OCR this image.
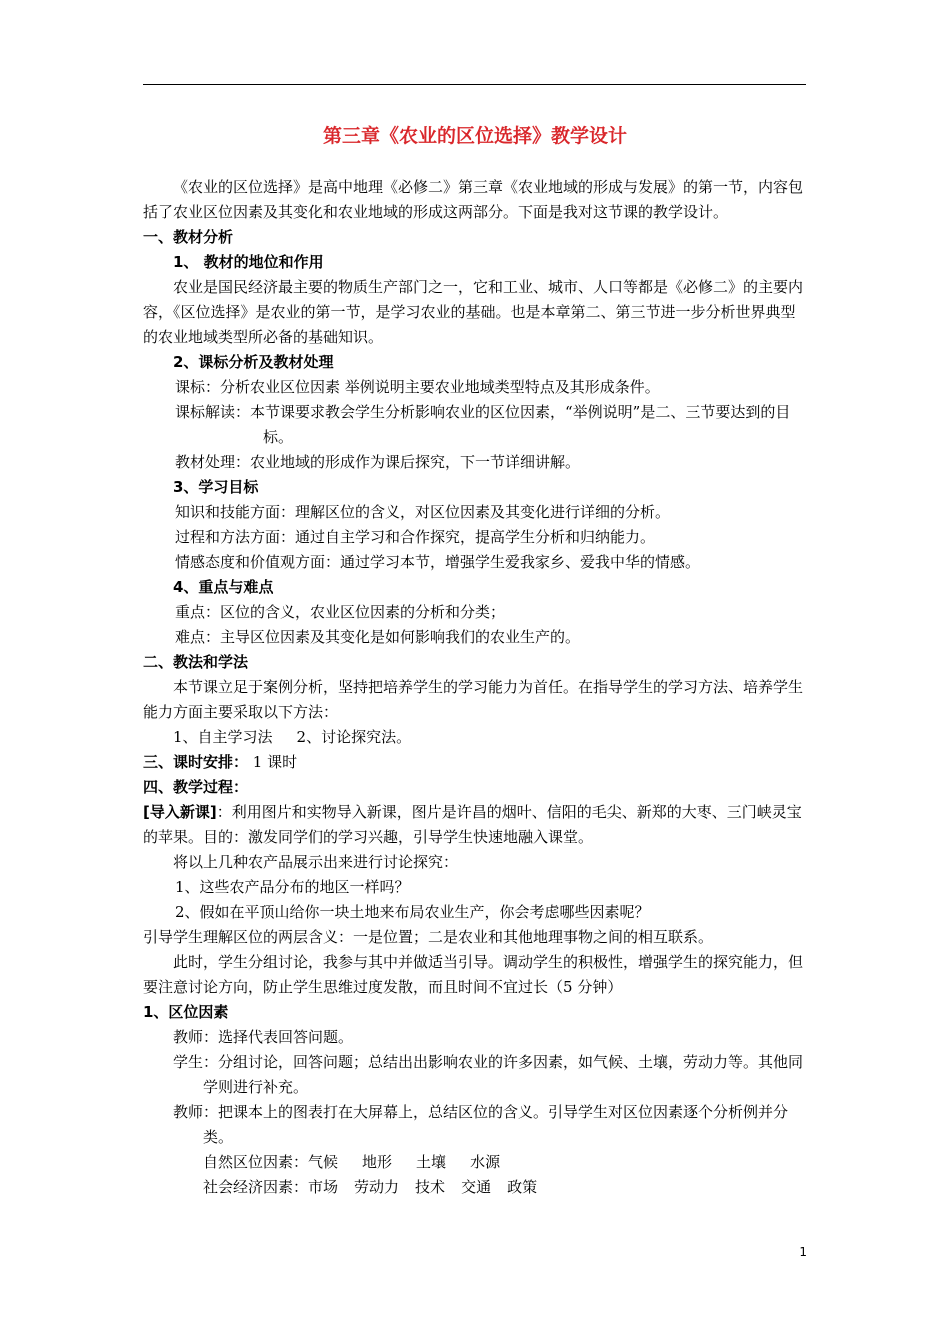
第三章《农业的区位选择》教学设计

《农业的区位选择》是高中地理《必修二》第三章《农业地域的形成与发展》的第一节，内容包括了农业区位因素及其变化和农业地域的形成这两部分。下面是我对这节课的教学设计。

一、教材分析

1、 教材的地位和作用

农业是国民经济最主要的物质生产部门之一，它和工业、城市、人口等都是《必修二》的主要内容，《区位选择》是农业的第一节，是学习农业的基础。也是本章第二、第三节进一步分析世界典型的农业地域类型所必备的基础知识。

2、课标分析及教材处理

课标：分析农业区位因素 举例说明主要农业地域类型特点及其形成条件。

课标解读：本节课要求教会学生分析影响农业的区位因素，“举例说明”是二、三节要达到的目标。

教材处理：农业地域的形成作为课后探究，下一节详细讲解。

3、学习目标

知识和技能方面：理解区位的含义，对区位因素及其变化进行详细的分析。

过程和方法方面：通过自主学习和合作探究，提高学生分析和归纳能力。

情感态度和价值观方面：通过学习本节，增强学生爱我家乡、爱我中华的情感。

4、重点与难点

重点：区位的含义，农业区位因素的分析和分类；

难点：主导区位因素及其变化是如何影响我们的农业生产的。

二、教法和学法

本节课立足于案例分析，坚持把培养学生的学习能力为首任。在指导学生的学习方法、培养学生能力方面主要采取以下方法：

1、自主学习法 2、讨论探究法。

三、课时安排： 1 课时

四、教学过程：

[导入新课]：利用图片和实物导入新课，图片是许昌的烟叶、信阳的毛尖、新郑的大枣、三门峡灵宝的苹果。目的：激发同学们的学习兴趣，引导学生快速地融入课堂。

将以上几种农产品展示出来进行讨论探究：

1、这些农产品分布的地区一样吗？

2、假如在平顶山给你一块土地来布局农业生产，你会考虑哪些因素呢？

引导学生理解区位的两层含义：一是位置；二是农业和其他地理事物之间的相互联系。

此时，学生分组讨论，我参与其中并做适当引导。调动学生的积极性，增强学生的探究能力，但要注意讨论方向，防止学生思维过度发散，而且时间不宜过长（5 分钟）

1、区位因素

教师：选择代表回答问题。

学生：分组讨论，回答问题；总结出出影响农业的许多因素，如气候、土壤，劳动力等。其他同学则进行补充。

教师：把课本上的图表打在大屏幕上，总结区位的含义。引导学生对区位因素逐个分析例并分类。

自然区位因素：气候 地形 土壤 水源

社会经济因素：市场 劳动力 技术 交通 政策

1
